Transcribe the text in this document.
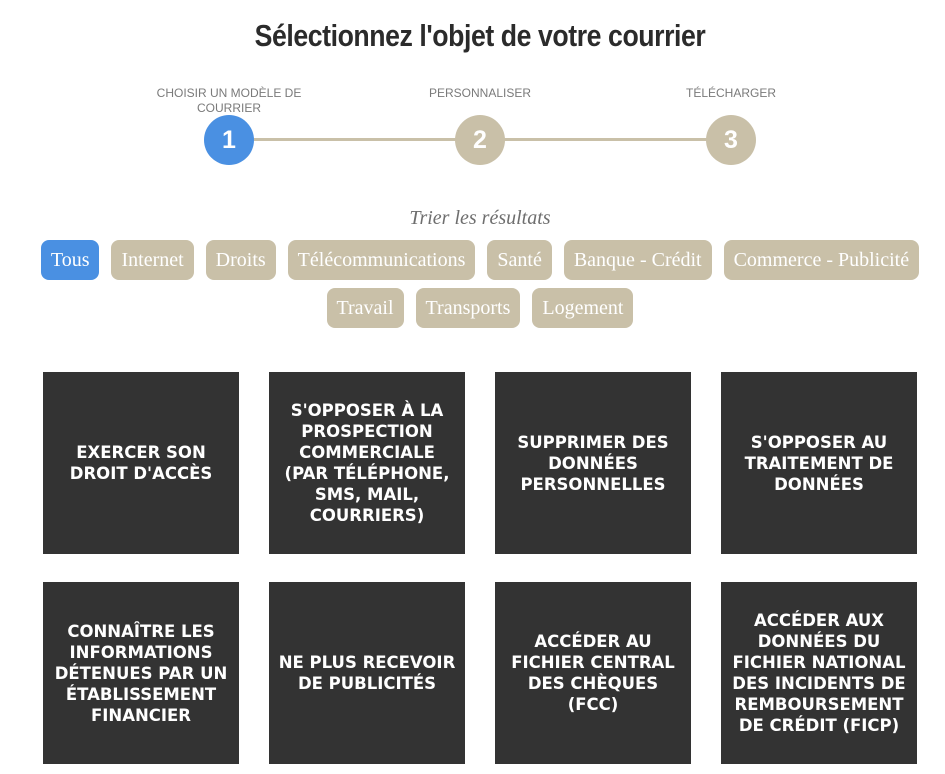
Sélectionnez l'objet de votre courrier
CHOISIR UN MODÈLE DE COURRIER
PERSONNALISER	TÉLÉCHARGER
1	2	3
Trier les résultats
Tous	Internet	Droits	Télécommunications	Santé	Banque - Crédit	Commerce - Publicité
Travail	Transports	Logement
EXERCER SON DROIT D'ACCÈS
S'OPPOSER À LA PROSPECTION COMMERCIALE (PAR TÉLÉPHONE, SMS, MAIL, COURRIERS)
SUPPRIMER DES DONNÉES PERSONNELLES
S'OPPOSER AU TRAITEMENT DE DONNÉES
CONNAÎTRE LES INFORMATIONS DÉTENUES PAR UN ÉTABLISSEMENT FINANCIER
NE PLUS RECEVOIR DE PUBLICITÉS
ACCÉDER AU FICHIER CENTRAL DES CHÈQUES (FCC)
ACCÉDER AUX DONNÉES DU FICHIER NATIONAL DES INCIDENTS DE REMBOURSEMENT DE CRÉDIT (FICP)
